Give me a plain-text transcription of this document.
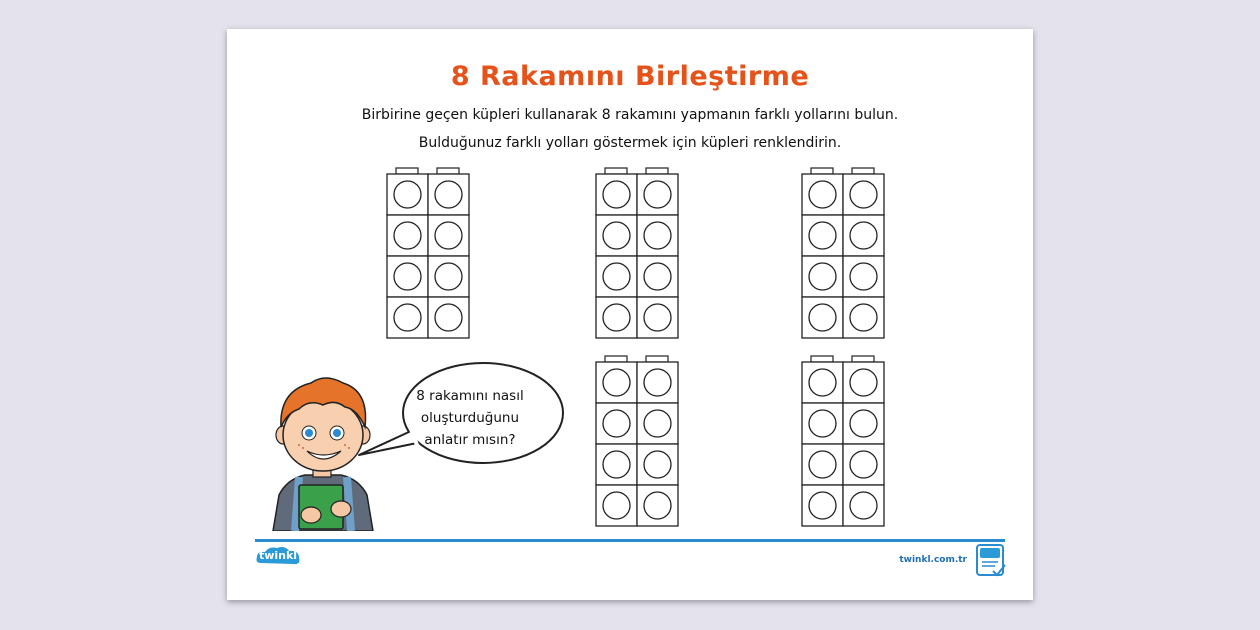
8 Rakamını Birleştirme
Birbirine geçen küpleri kullanarak 8 rakamını yapmanın farklı yollarını bulun.
Bulduğunuz farklı yolları göstermek için küpleri renklendirin.
8 rakamını nasıl
oluşturduğunu
anlatır mısın?
twinkl	twinkl.com.tr
